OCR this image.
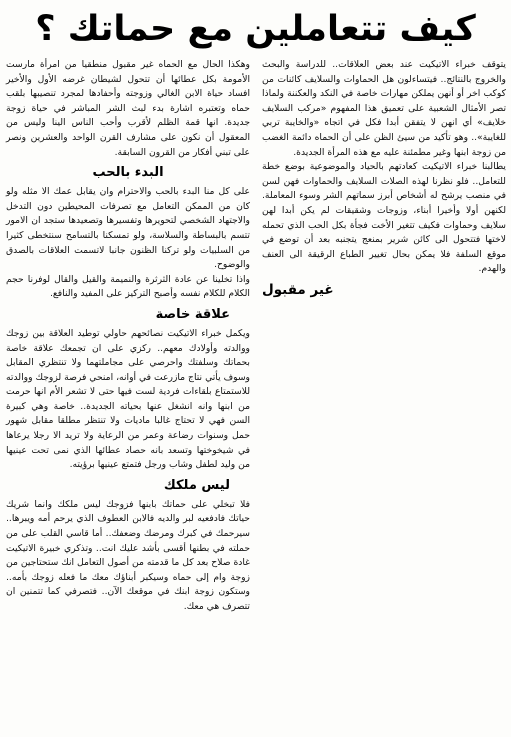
كيف تتعاملين مع حماتك ؟

يتوقف خبراء الاتيكيت عند بعض العلاقات.. للدراسة والبحث والخروج بالنتائج.. فيتساءلون هل الحماوات والسلايف كائنات من كوكب اخر أو أنهن يملكن مهارات خاصة في النكد والعكننة ولماذا تصر الأمثال الشعبية على تعميق هذا المفهوم «مركب السلايف خلايف» أي انهن لا يتفقن أبدا فكل في اتجاه «والخايبة تربي للغايبة».. وهو تأكيد من سيئ الظن على أن الحماه دائمة الغضب من زوجة ابنها وغير مطمئنة عليه مع هذه المرأة الجديدة.

يطالبنا خبراء الاتيكيت كعادتهم بالحياد والموضوعية بوضع خطة للتعامل.. فلو نظرنا لهذه الصلات السلايف والحماوات فهن لسن في منصب يرشح له أشخاص أبرز سماتهم الشر وسوء المعاملة. لكنهن أولا وأخيرا أبناء، وزوجات وشقيقات لم يكن أبدا لهن سلايف وحماوات فكيف تتغير الأخت فجأة بكل الحب الذي تحمله لاختها فتتحول الى كائن شرير بمنعج يتجنبه بعد أن توضع في موقع السلفة فلا يمكن بحال تغيير الطباع الرقيقة الى العنف والهدم.

غير مقبول

وهكذا الحال مع الحماه غير مقبول منطقيا من امرأة مارست الأمومة بكل عطائها أن تتحول لشيطان غرضه الأول والأخير افساد حياة الابن الغالي وزوجته وأحفادها لمجرد تنصيبها بلقب حماه وتعتبره اشارة بدء لبث الشر المباشر في حياة زوجة جديدة. انها قمة الظلم لأقرب وأحب الناس الينا وليس من المعقول أن نكون على مشارف القرن الواحد والعشرين ونصر على تبني أفكار من القرون السابقة.

البدء بالحب

على كل منا البدء بالحب والاحترام وان يقابل عمك الا مثله ولو كان من الممكن التعامل مع تصرفات المحيطين دون التدخل والاجتهاد الشخصي لتحويرها وتفسيرها وتصعيدها ستجد ان الامور تتسم بالبساطة والسلاسة، ولو تمسكنا بالتسامح سنتخطى كثيرا من السلبيات ولو تركنا الظنون جانبا لاتسمت العلاقات بالصدق والوضوح.

واذا تخلينا عن عادة الثرثرة والنميمة والقيل والقال لوفرنا حجم الكلام للكلام نفسه وأصبح التركيز على المفيد والنافع.

علاقة خاصة

ويكمل خبراء الاتيكيت نصائحهم حاولي توطيد العلاقة بين زوجك ووالدته وأولادك معهم.. ركزي على ان تجمعك علاقة خاصة بحماتك وسلفتك واحرصي على مجاملتهما ولا تنتظري المقابل وسوف يأتي نتاج مازرعت في أوانه، امنحي فرصة لزوجك ووالدته للاستمتاع بلقاءات فردية لست فيها حتى لا تشعر الأم انها حرمت من ابنها وانه انشغل عنها بحياته الجديدة.. خاصة وهي كبيرة السن فهي لا تحتاج غالبا ماديات ولا تنتظر مطلقا مقابل شهور حمل وسنوات رضاعة وعمر من الرعاية ولا تريد الا رجلا يرعاها في شيخوختها وتسعد بانه حصاد عطائها الذي نمى تحت عينيها من وليد لطفل وشاب ورجل فتمتع عينيها برؤيته.

ليس ملكك

فلا تبخلي على حماتك بابنها فزوجك ليس ملكك وانما شريك حياتك فادفعيه لبر والديه فالابن العطوف الذي يرحم أمه ويبرها.. سيرحمك في كبرك ومرضك وضعفك.. أما قاسي القلب على من حملته في بطنها أقسى بأشد عليك انت.. وتذكري خبيرة الاتيكيت غادة صلاح بعد كل ما قدمته من أصول التعامل انك ستحتاجين من زوجة وام إلى حماه وسيكبر أبناؤك معك ما فعله زوجك بأمه.. وستكون زوجة ابنك في موقعك الآن.. فتصرفي كما تتمنين ان تتصرف هي معك.
